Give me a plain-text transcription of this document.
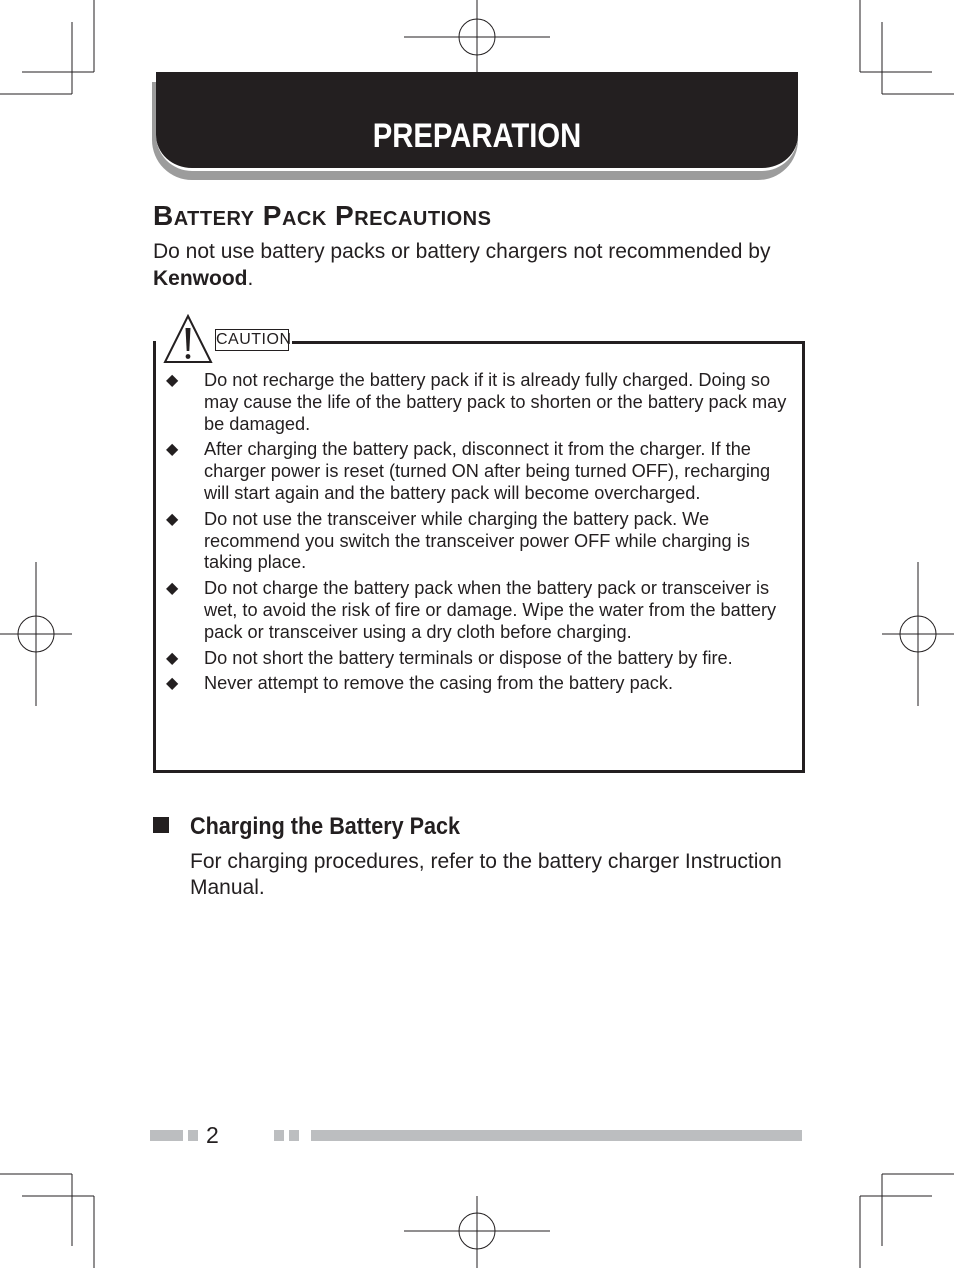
PREPARATION
Battery Pack Precautions
Do not use battery packs or battery chargers not recommended by Kenwood.
CAUTION
◆ Do not recharge the battery pack if it is already fully charged. Doing so may cause the life of the battery pack to shorten or the battery pack may be damaged.
◆ After charging the battery pack, disconnect it from the charger. If the charger power is reset (turned ON after being turned OFF), recharging will start again and the battery pack will become overcharged.
◆ Do not use the transceiver while charging the battery pack. We recommend you switch the transceiver power OFF while charging is taking place.
◆ Do not charge the battery pack when the battery pack or transceiver is wet, to avoid the risk of fire or damage. Wipe the water from the battery pack or transceiver using a dry cloth before charging.
◆ Do not short the battery terminals or dispose of the battery by fire.
◆ Never attempt to remove the casing from the battery pack.
Charging the Battery Pack
For charging procedures, refer to the battery charger Instruction Manual.
2
